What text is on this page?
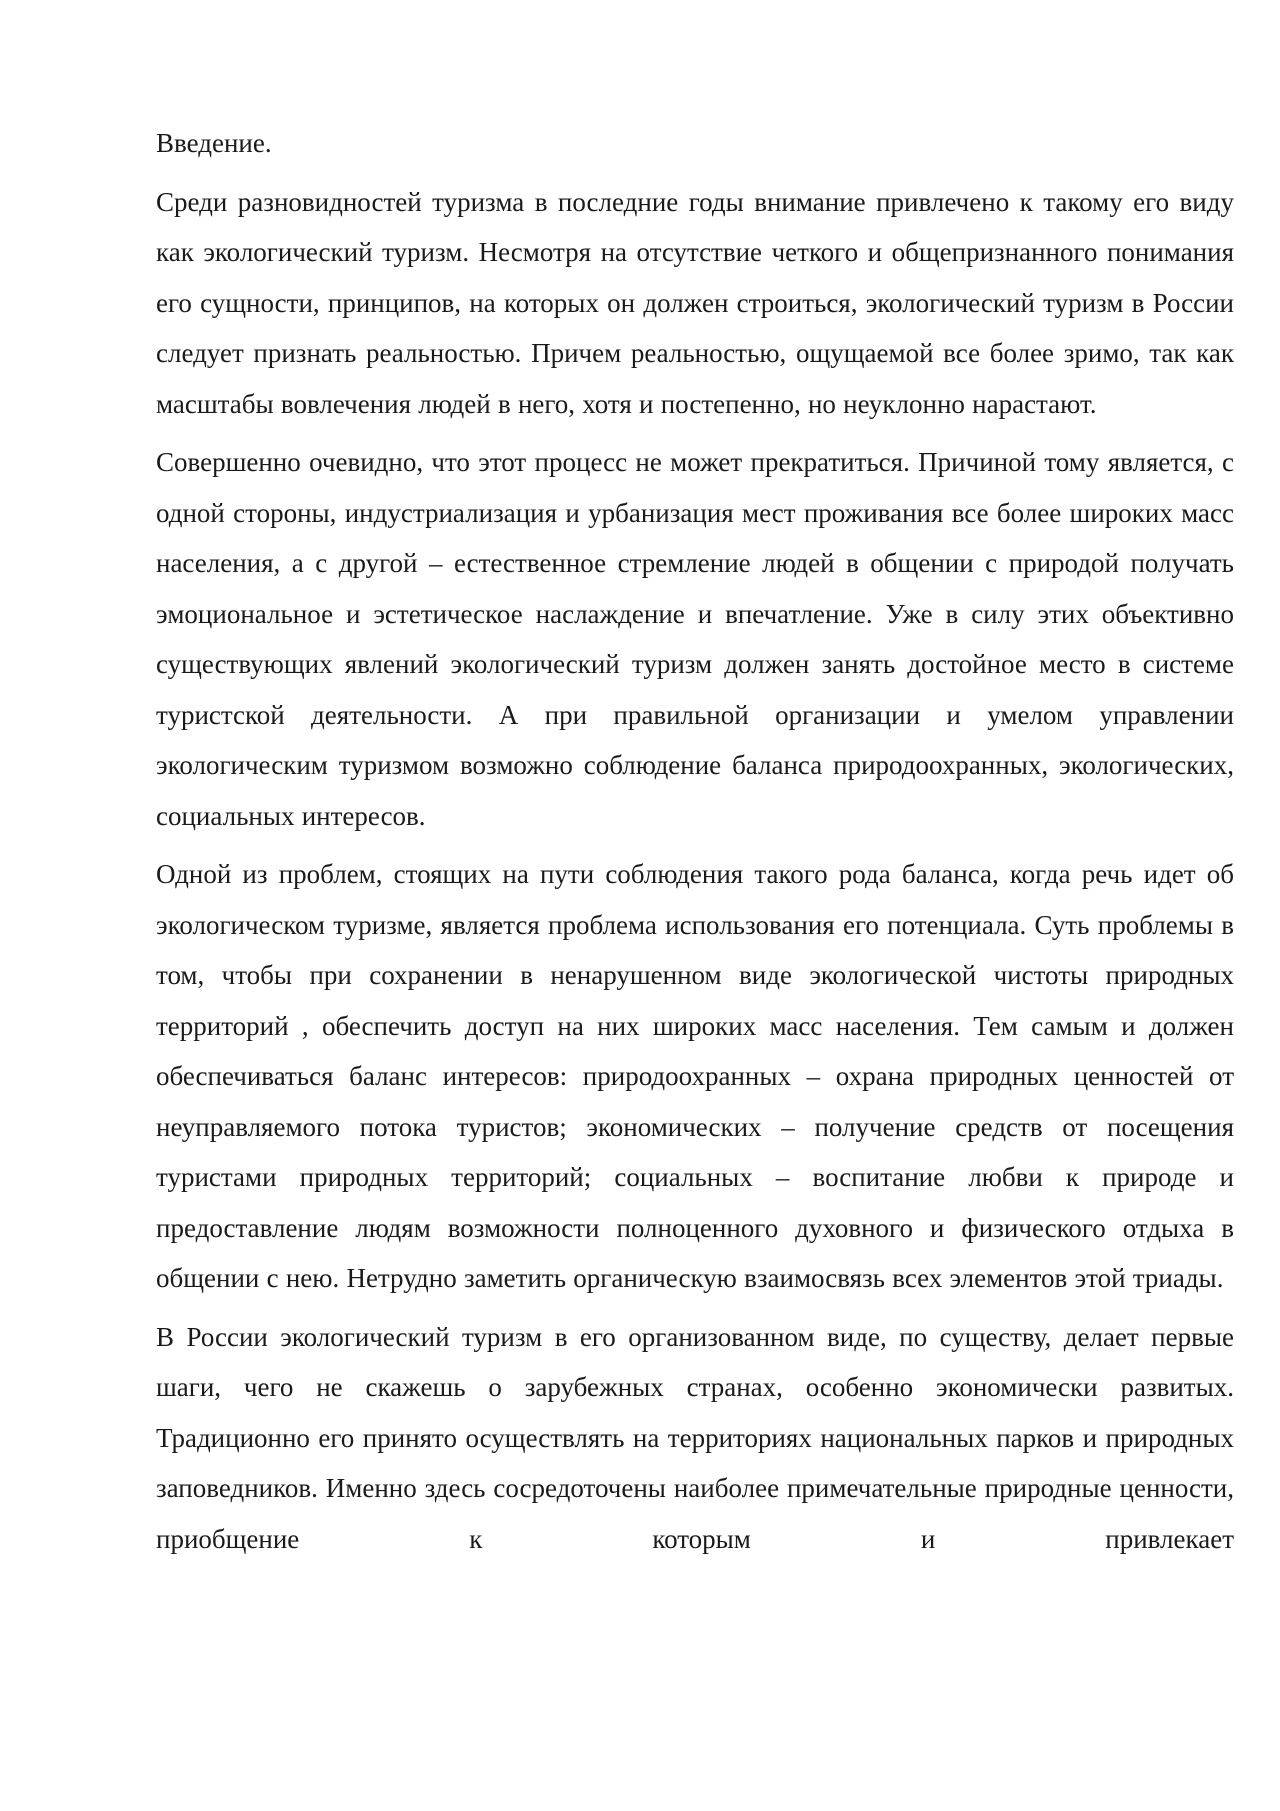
Введение.

Среди разновидностей туризма в последние годы внимание привлечено к такому его виду как экологический туризм. Несмотря на отсутствие четкого и общепризнанного понимания его сущности, принципов, на которых он должен строиться, экологический туризм в России следует признать реальностью. Причем реальностью, ощущаемой все более зримо, так как масштабы вовлечения людей в него, хотя и постепенно, но неуклонно нарастают.

Совершенно очевидно, что этот процесс не может прекратиться. Причиной тому является, с одной стороны, индустриализация и урбанизация мест проживания все более широких масс населения, а с другой – естественное стремление людей в общении с природой получать эмоциональное и эстетическое наслаждение и впечатление. Уже в силу этих объективно существующих явлений экологический туризм должен занять достойное место в системе туристской деятельности. А при правильной организации и умелом управлении экологическим туризмом возможно соблюдение баланса природоохранных, экологических, социальных интересов.

Одной из проблем, стоящих на пути соблюдения такого рода баланса, когда речь идет об экологическом туризме, является проблема использования его потенциала. Суть проблемы в том, чтобы при сохранении в ненарушенном виде экологической чистоты природных территорий , обеспечить доступ на них широких масс населения. Тем самым и должен обеспечиваться баланс интересов: природоохранных – охрана природных ценностей от неуправляемого потока туристов; экономических – получение средств от посещения туристами природных территорий; социальных – воспитание любви к природе и предоставление людям возможности полноценного духовного и физического отдыха в общении с нею. Нетрудно заметить органическую взаимосвязь всех элементов этой триады.

В России экологический туризм в его организованном виде, по существу, делает первые шаги, чего не скажешь о зарубежных странах, особенно экономически развитых. Традиционно его принято осуществлять на территориях национальных парков и природных заповедников. Именно здесь сосредоточены наиболее примечательные природные ценности, приобщение к которым и привлекает
